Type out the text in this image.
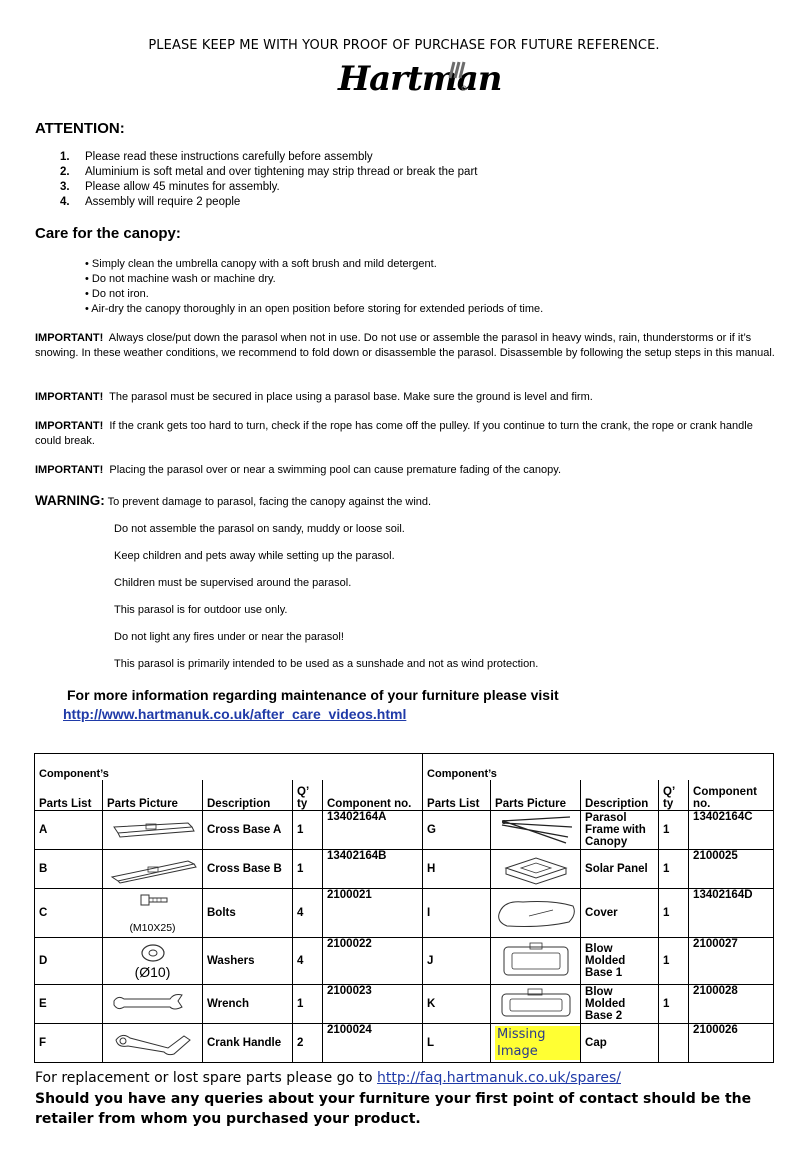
PLEASE KEEP ME WITH YOUR PROOF OF PURCHASE FOR FUTURE REFERENCE.
Hartman
ATTENTION:
1.	Please read these instructions carefully before assembly
2.	Aluminium is soft metal and over tightening may strip thread or break the part
3.	Please allow 45 minutes for assembly.
4.	Assembly will require 2 people
Care for the canopy:
• Simply clean the umbrella canopy with a soft brush and mild detergent.
• Do not machine wash or machine dry.
• Do not iron.
• Air-dry the canopy thoroughly in an open position before storing for extended periods of time.
IMPORTANT! Always close/put down the parasol when not in use. Do not use or assemble the parasol in heavy winds, rain, thunderstorms or if it’s snowing. In these weather conditions, we recommend to fold down or disassemble the parasol. Disassemble by following the setup steps in this manual.
IMPORTANT! The parasol must be secured in place using a parasol base. Make sure the ground is level and firm.
IMPORTANT! If the crank gets too hard to turn, check if the rope has come off the pulley. If you continue to turn the crank, the rope or crank handle could break.
IMPORTANT! Placing the parasol over or near a swimming pool can cause premature fading of the canopy.
WARNING: To prevent damage to parasol, facing the canopy against the wind.
Do not assemble the parasol on sandy, muddy or loose soil.
Keep children and pets away while setting up the parasol.
Children must be supervised around the parasol.
This parasol is for outdoor use only.
Do not light any fires under or near the parasol!
This parasol is primarily intended to be used as a sunshade and not as wind protection.
For more information regarding maintenance of your furniture please visit
http://www.hartmanuk.co.uk/after_care_videos.html
Component’s					Component’s				
Parts List	Parts Picture	Description	Q’ ty	Component no.	Parts List	Parts Picture	Description	Q’ ty	Component no.
A		Cross Base A	1	13402164A	G		Parasol Frame with Canopy	1	13402164C
B		Cross Base B	1	13402164B	H		Solar Panel	1	2100025
C	(M10X25)	Bolts	4	2100021	I		Cover	1	13402164D
D	(Ø10)	Washers	4	2100022	J		Blow Molded Base 1	1	2100027
E		Wrench	1	2100023	K		Blow Molded Base 2	1	2100028
F		Crank Handle	2	2100024	L	Missing Image	Cap		2100026
For replacement or lost spare parts please go to http://faq.hartmanuk.co.uk/spares/
Should you have any queries about your furniture your first point of contact should be the retailer from whom you purchased your product.
